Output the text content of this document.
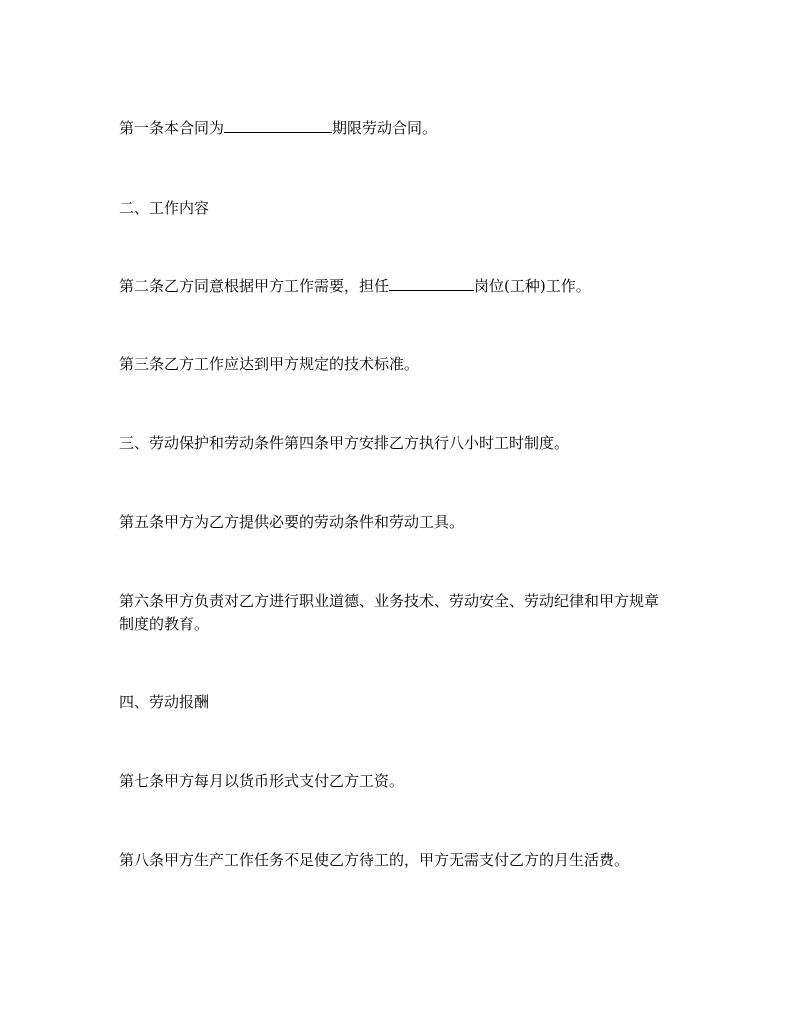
第一条本合同为	期限劳动合同。

二、工作内容

第二条乙方同意根据甲方工作需要，担任	岗位(工种)工作。

第三条乙方工作应达到甲方规定的技术标准。

三、劳动保护和劳动条件第四条甲方安排乙方执行八小时工时制度。

第五条甲方为乙方提供必要的劳动条件和劳动工具。

第六条甲方负责对乙方进行职业道德、业务技术、劳动安全、劳动纪律和甲方规章
制度的教育。

四、劳动报酬

第七条甲方每月以货币形式支付乙方工资。

第八条甲方生产工作任务不足使乙方待工的，甲方无需支付乙方的月生活费。
